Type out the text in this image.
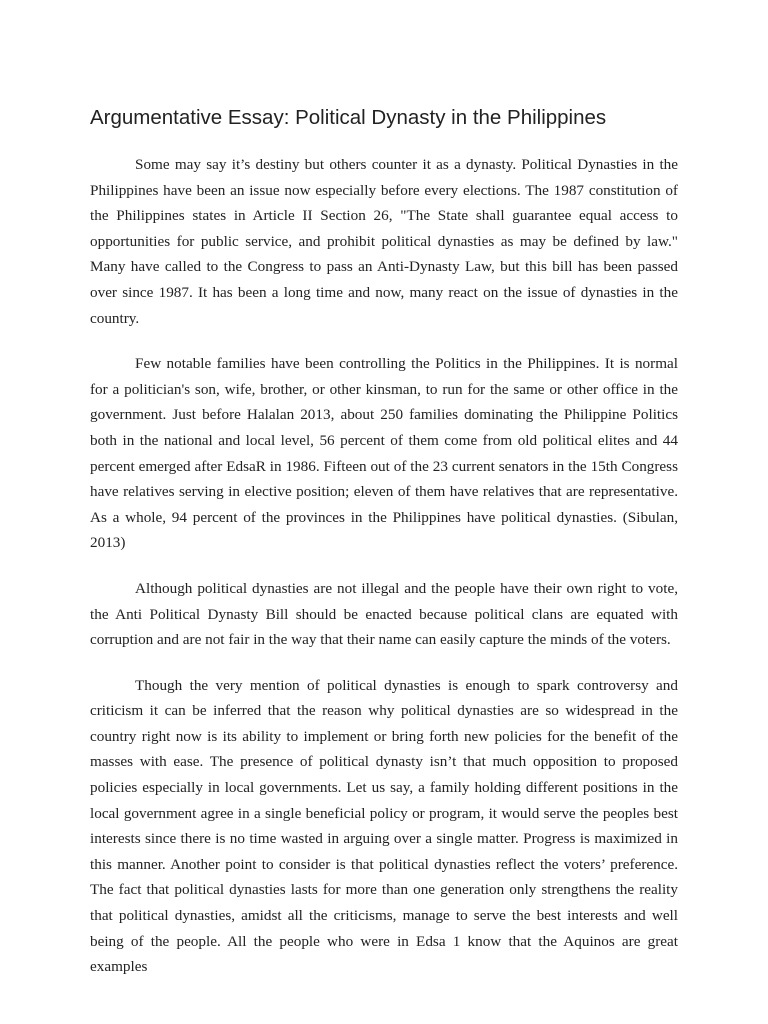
Argumentative Essay: Political Dynasty in the Philippines

Some may say it’s destiny but others counter it as a dynasty. Political Dynasties in the Philippines have been an issue now especially before every elections. The 1987 constitution of the Philippines states in Article II Section 26, "The State shall guarantee equal access to opportunities for public service, and prohibit political dynasties as may be defined by law." Many have called to the Congress to pass an Anti-Dynasty Law, but this bill has been passed over since 1987. It has been a long time and now, many react on the issue of dynasties in the country.

Few notable families have been controlling the Politics in the Philippines. It is normal for a politician's son, wife, brother, or other kinsman, to run for the same or other office in the government. Just before Halalan 2013, about 250 families dominating the Philippine Politics both in the national and local level, 56 percent of them come from old political elites and 44 percent emerged after EdsaR in 1986. Fifteen out of the 23 current senators in the 15th Congress have relatives serving in elective position; eleven of them have relatives that are representative. As a whole, 94 percent of the provinces in the Philippines have political dynasties. (Sibulan, 2013)

Although political dynasties are not illegal and the people have their own right to vote, the Anti Political Dynasty Bill should be enacted because political clans are equated with corruption and are not fair in the way that their name can easily capture the minds of the voters.

Though the very mention of political dynasties is enough to spark controversy and criticism it can be inferred that the reason why political dynasties are so widespread in the country right now is its ability to implement or bring forth new policies for the benefit of the masses with ease. The presence of political dynasty isn’t that much opposition to proposed policies especially in local governments. Let us say, a family holding different positions in the local government agree in a single beneficial policy or program, it would serve the peoples best interests since there is no time wasted in arguing over a single matter. Progress is maximized in this manner. Another point to consider is that political dynasties reflect the voters’ preference. The fact that political dynasties lasts for more than one generation only strengthens the reality that political dynasties, amidst all the criticisms, manage to serve the best interests and well being of the people. All the people who were in Edsa 1 know that the Aquinos are great examples
